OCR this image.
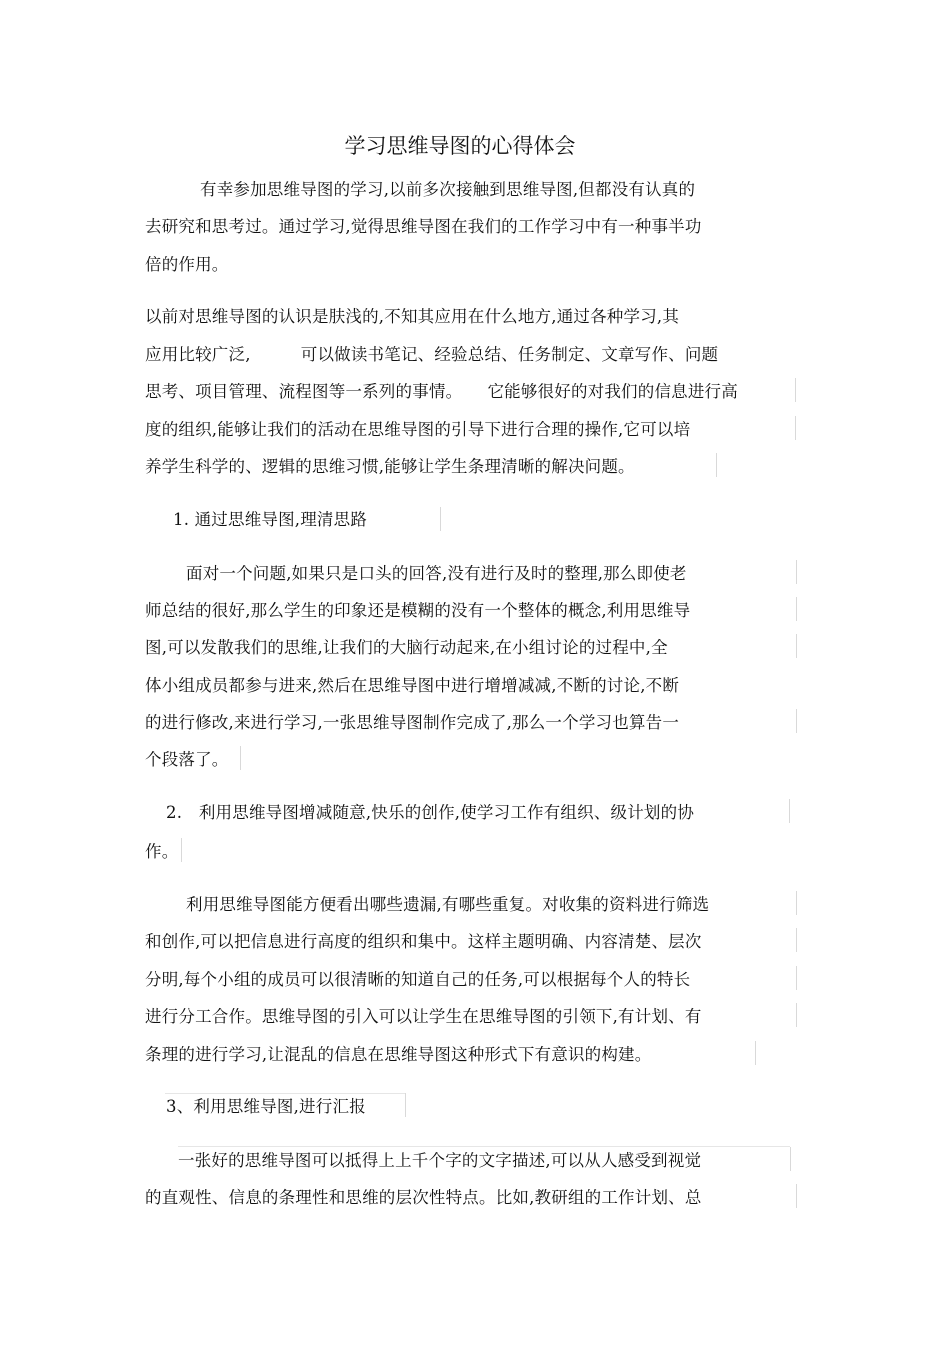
学习思维导图的心得体会
有幸参加思维导图的学习,以前多次接触到思维导图,但都没有认真的
去研究和思考过。通过学习,觉得思维导图在我们的工作学习中有一种事半功
倍的作用。
以前对思维导图的认识是肤浅的,不知其应用在什么地方,通过各种学习,其
应用比较广泛,　　　可以做读书笔记、经验总结、任务制定、文章写作、问题
思考、项目管理、流程图等一系列的事情。　　它能够很好的对我们的信息进行高
度的组织,能够让我们的活动在思维导图的引导下进行合理的操作,它可以培
养学生科学的、逻辑的思维习惯,能够让学生条理清晰的解决问题。
1. 通过思维导图,理清思路
面对一个问题,如果只是口头的回答,没有进行及时的整理,那么即使老
师总结的很好,那么学生的印象还是模糊的没有一个整体的概念,利用思维导
图,可以发散我们的思维,让我们的大脑行动起来,在小组讨论的过程中,全
体小组成员都参与进来,然后在思维导图中进行增增减减,不断的讨论,不断
的进行修改,来进行学习,一张思维导图制作完成了,那么一个学习也算告一
个段落了。
2.　利用思维导图增减随意,快乐的创作,使学习工作有组织、级计划的协
作。
利用思维导图能方便看出哪些遗漏,有哪些重复。对收集的资料进行筛选
和创作,可以把信息进行高度的组织和集中。这样主题明确、内容清楚、层次
分明,每个小组的成员可以很清晰的知道自己的任务,可以根据每个人的特长
进行分工合作。思维导图的引入可以让学生在思维导图的引领下,有计划、有
条理的进行学习,让混乱的信息在思维导图这种形式下有意识的构建。
3、利用思维导图,进行汇报
一张好的思维导图可以抵得上上千个字的文字描述,可以从人感受到视觉
的直观性、信息的条理性和思维的层次性特点。比如,教研组的工作计划、总
